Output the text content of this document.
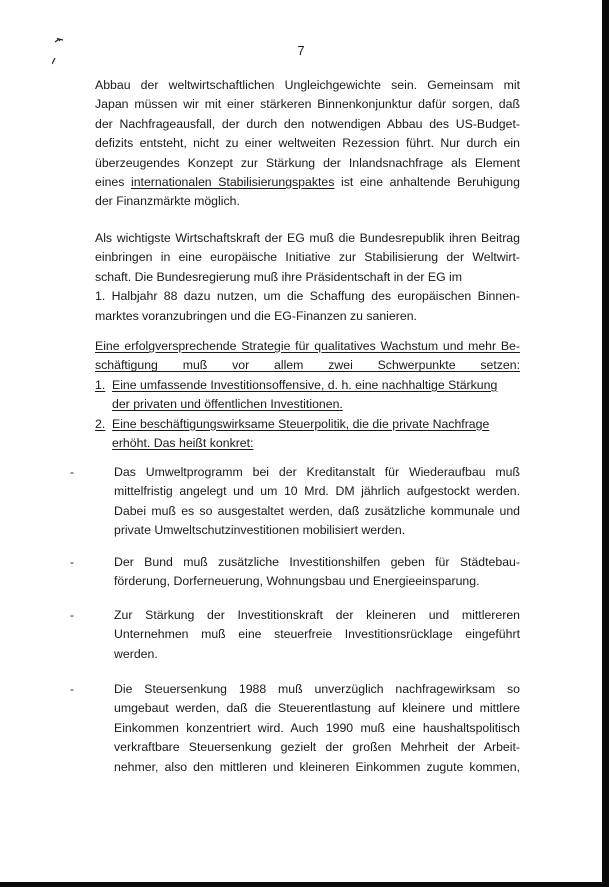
7

Abbau der weltwirtschaftlichen Ungleichgewichte sein. Gemeinsam mit

Japan müssen wir mit einer stärkeren Binnenkonjunktur dafür sorgen, daß

der Nachfrageausfall, der durch den notwendigen Abbau des US-Budget-

defizits entsteht, nicht zu einer weltweiten Rezession führt. Nur durch ein

überzeugendes Konzept zur Stärkung der Inlandsnachfrage als Element

eines internationalen Stabilisierungspaktes ist eine anhaltende Beruhigung

der Finanzmärkte möglich.

Als wichtigste Wirtschaftskraft der EG muß die Bundesrepublik ihren Beitrag

einbringen in eine europäische Initiative zur Stabilisierung der Weltwirt-

schaft. Die Bundesregierung muß ihre Präsidentschaft in der EG im

1. Halbjahr 88 dazu nutzen, um die Schaffung des europäischen Binnen-

marktes voranzubringen und die EG-Finanzen zu sanieren.

Eine erfolgversprechende Strategie für qualitatives Wachstum und mehr Be-

schäftigung muß vor allem zwei Schwerpunkte setzen:

1. Eine umfassende Investitionsoffensive, d. h. eine nachhaltige Stärkung
der privaten und öffentlichen Investitionen.
2. Eine beschäftigungswirksame Steuerpolitik, die die private Nachfrage
erhöht. Das heißt konkret:
-	Das Umweltprogramm bei der Kreditanstalt für Wiederaufbau muß

mittelfristig angelegt und um 10 Mrd. DM jährlich aufgestockt werden.

Dabei muß es so ausgestaltet werden, daß zusätzliche kommunale und

private Umweltschutzinvestitionen mobilisiert werden.

-	Der Bund muß zusätzliche Investitionshilfen geben für Städtebau-

förderung, Dorferneuerung, Wohnungsbau und Energieeinsparung.

-	Zur Stärkung der Investitionskraft der kleineren und mittlereren

Unternehmen muß eine steuerfreie Investitionsrücklage eingeführt

werden.

-	Die Steuersenkung 1988 muß unverzüglich nachfragewirksam so

umgebaut werden, daß die Steuerentlastung auf kleinere und mittlere

Einkommen konzentriert wird. Auch 1990 muß eine haushaltspolitisch

verkraftbare Steuersenkung gezielt der großen Mehrheit der Arbeit-

nehmer, also den mittleren und kleineren Einkommen zugute kommen,
